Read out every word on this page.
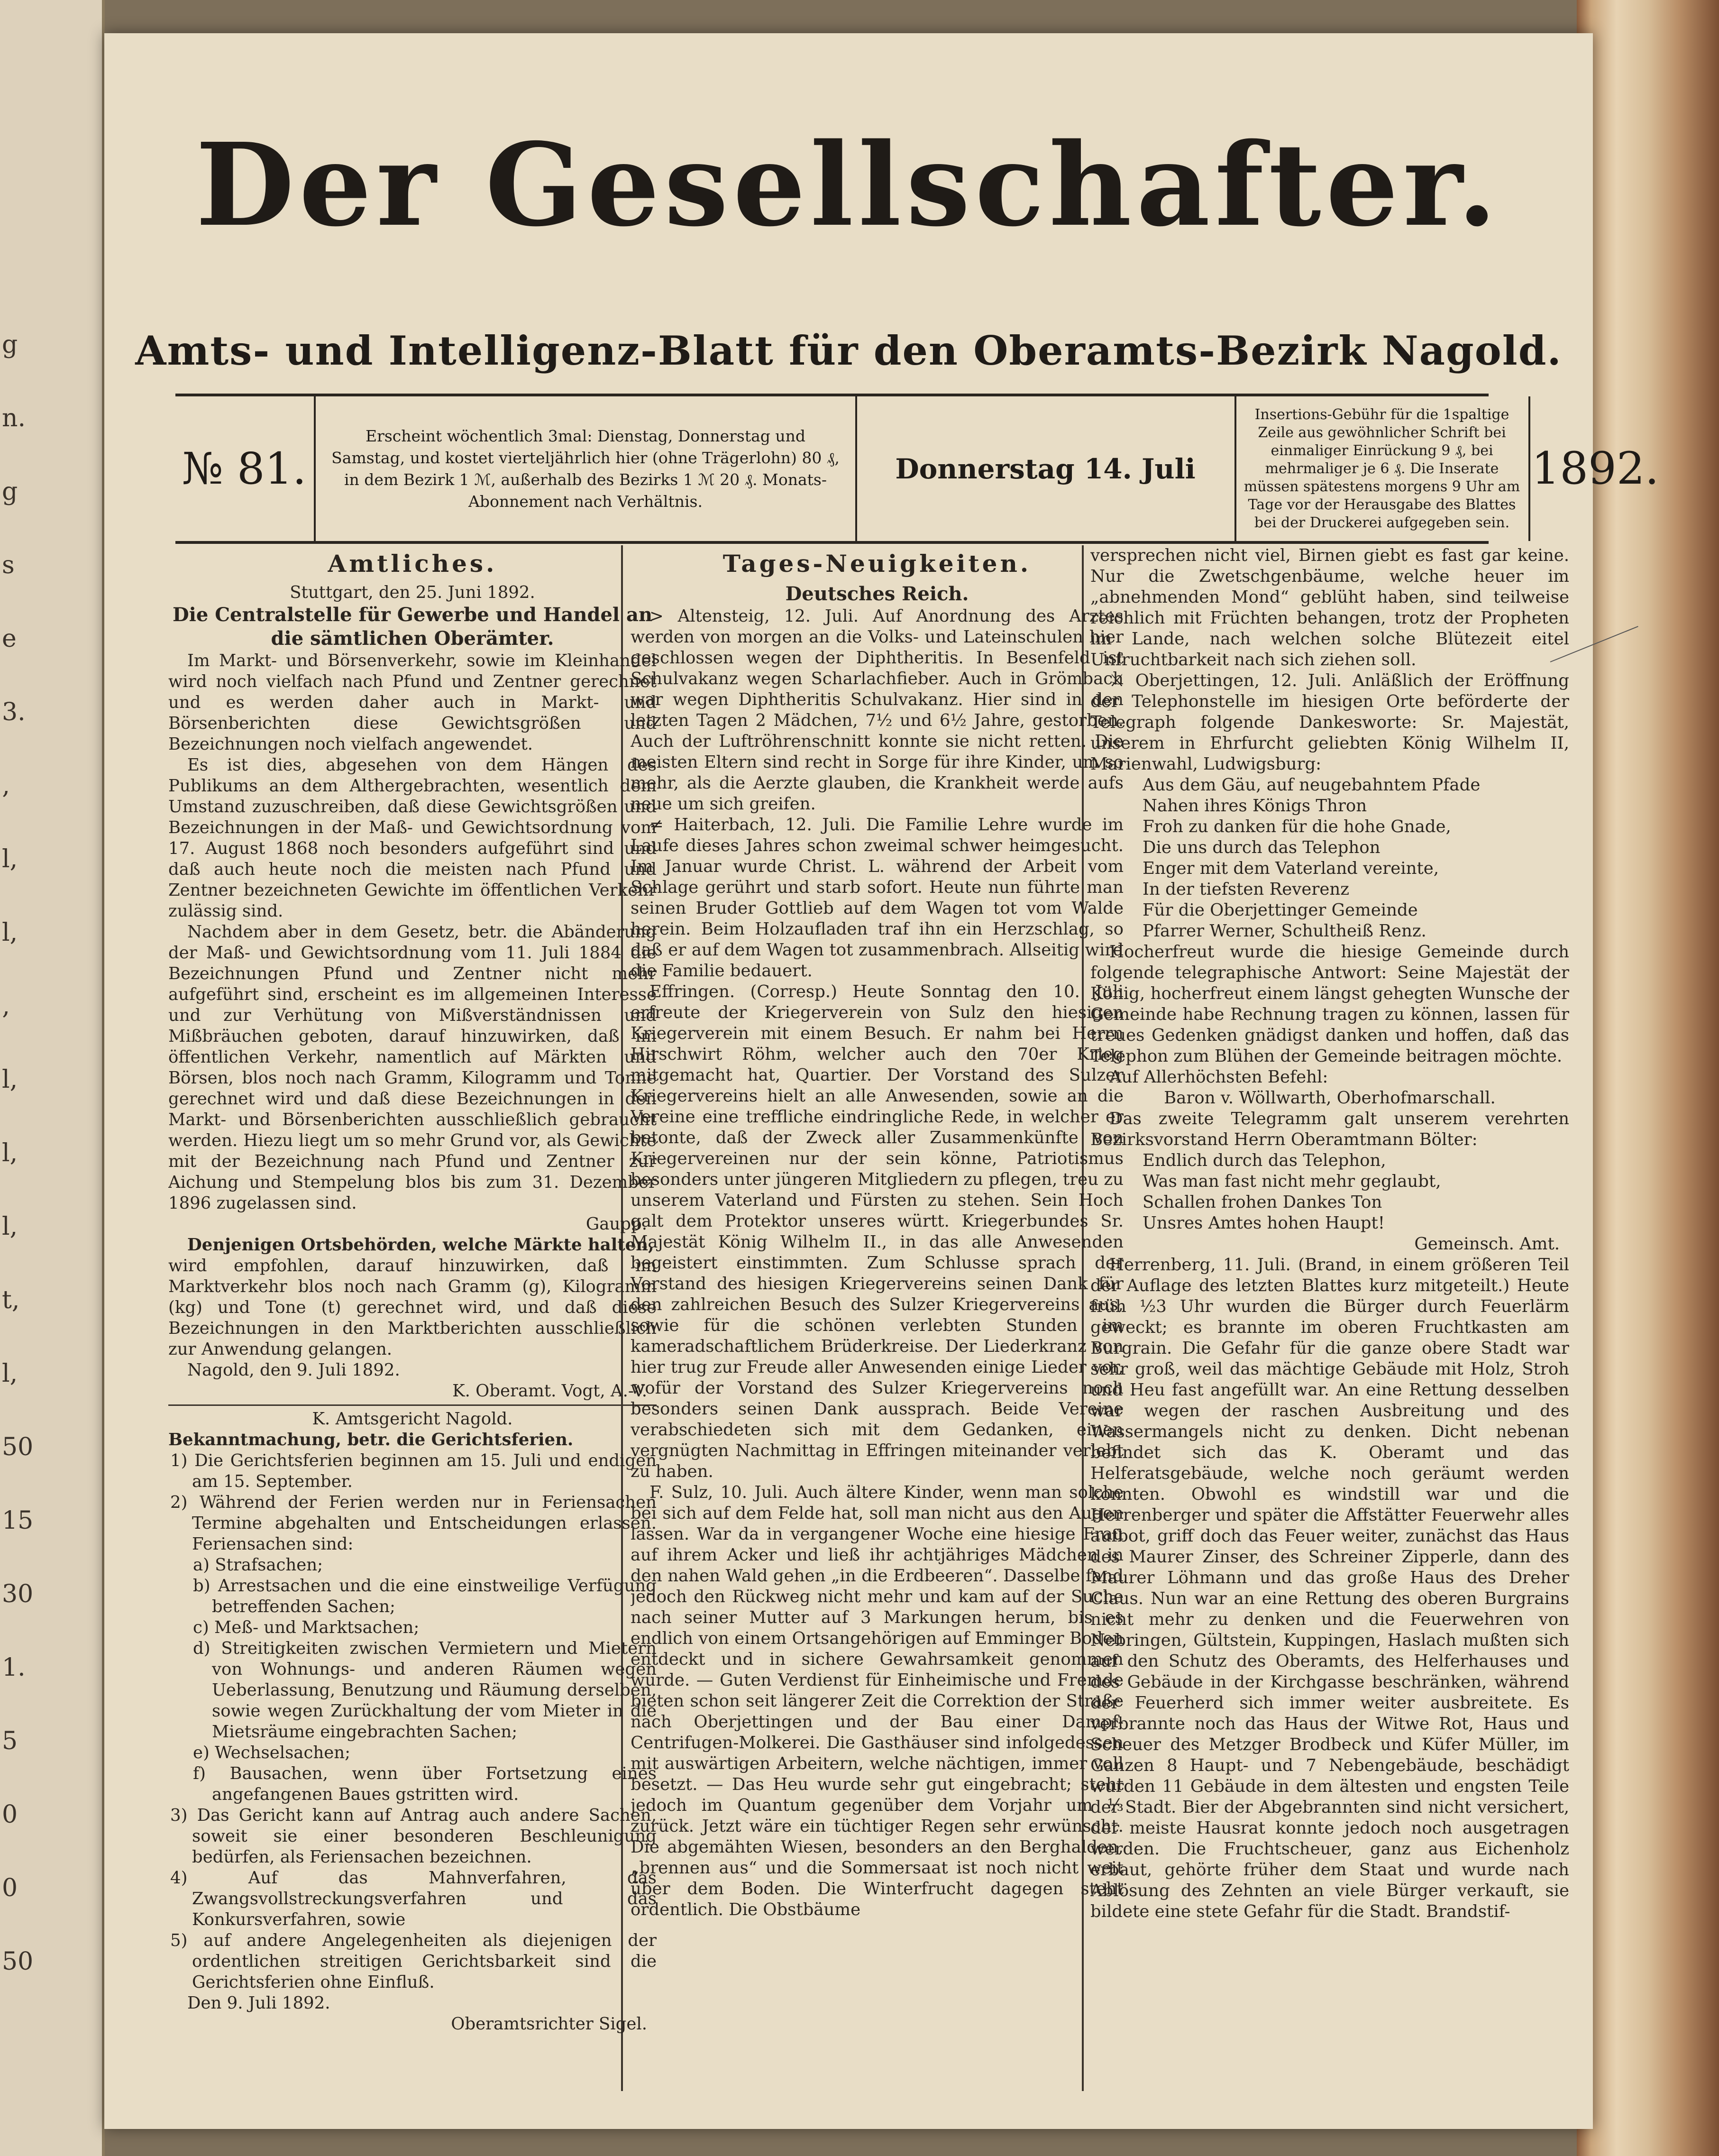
g
n.
g
s
e
3.
‚
l,
l,
‚
l,
l,
l,
t,
l,
50
15
30
1.
5
0
0
50
Der Gesellschafter.
Amts- und Intelligenz-Blatt für den Oberamts-Bezirk Nagold.
№ 81.
Erscheint wöchentlich 3mal: Dienstag, Donnerstag und Samstag, und kostet vierteljährlich hier (ohne Trägerlohn) 80 ₰, in dem Bezirk 1 ℳ, außerhalb des Bezirks 1 ℳ 20 ₰. Monats-Abonnement nach Verhältnis.
Donnerstag 14. Juli
Insertions-Gebühr für die 1spaltige Zeile aus gewöhnlicher Schrift bei einmaliger Einrückung 9 ₰, bei mehrmaliger je 6 ₰. Die Inserate müssen spätestens morgens 9 Uhr am Tage vor der Herausgabe des Blattes bei der Druckerei aufgegeben sein.
1892.

Amtliches.

Stuttgart, den 25. Juni 1892.

Die Centralstelle für Gewerbe und Handel an die sämtlichen Oberämter.

Im Markt- und Börsenverkehr, sowie im Kleinhandel wird noch vielfach nach Pfund und Zentner gerechnet und es werden daher auch in Markt- und Börsenberichten diese Gewichtsgrößen und Bezeichnungen noch vielfach angewendet.

Es ist dies, abgesehen von dem Hängen des Publikums an dem Althergebrachten, wesentlich dem Umstand zuzuschreiben, daß diese Gewichtsgrößen und Bezeichnungen in der Maß- und Gewichtsordnung vom 17. August 1868 noch besonders aufgeführt sind und daß auch heute noch die meisten nach Pfund und Zentner bezeichneten Gewichte im öffentlichen Verkehr zulässig sind.

Nachdem aber in dem Gesetz, betr. die Abänderung der Maß- und Gewichtsordnung vom 11. Juli 1884 die Bezeichnungen Pfund und Zentner nicht mehr aufgeführt sind, erscheint es im allgemeinen Interesse und zur Verhütung von Mißverständnissen und Mißbräuchen geboten, darauf hinzuwirken, daß im öffentlichen Verkehr, namentlich auf Märkten und Börsen, blos noch nach Gramm, Kilogramm und Tonne gerechnet wird und daß diese Bezeichnungen in den Markt- und Börsenberichten ausschließlich gebraucht werden. Hiezu liegt um so mehr Grund vor, als Gewichte mit der Bezeichnung nach Pfund und Zentner zur Aichung und Stempelung blos bis zum 31. Dezember 1896 zugelassen sind.

Gaupp.

Denjenigen Ortsbehörden, welche Märkte halten,

wird empfohlen, darauf hinzuwirken, daß im Marktverkehr blos noch nach Gramm (g), Kilogramm (kg) und Tone (t) gerechnet wird, und daß diese Bezeichnungen in den Marktberichten ausschließlich zur Anwendung gelangen.

Nagold, den 9. Juli 1892.

K. Oberamt. Vogt, A.-V.

K. Amtsgericht Nagold.

Bekanntmachung, betr. die Gerichtsferien.

1) Die Gerichtsferien beginnen am 15. Juli und endigen am 15. September.
2) Während der Ferien werden nur in Feriensachen Termine abgehalten und Entscheidungen erlassen. Feriensachen sind:
a) Strafsachen;
b) Arrestsachen und die eine einstweilige Verfügung betreffenden Sachen;
c) Meß- und Marktsachen;
d) Streitigkeiten zwischen Vermietern und Mietern von Wohnungs- und anderen Räumen wegen Ueberlassung, Benutzung und Räumung derselben, sowie wegen Zurückhaltung der vom Mieter in die Mietsräume eingebrachten Sachen;
e) Wechselsachen;
f) Bausachen, wenn über Fortsetzung eines angefangenen Baues gstritten wird.
3) Das Gericht kann auf Antrag auch andere Sachen, soweit sie einer besonderen Beschleunigung bedürfen, als Feriensachen bezeichnen.
4) Auf das Mahnverfahren, das Zwangsvollstreckungsverfahren und das Konkursverfahren, sowie
5) auf andere Angelegenheiten als diejenigen der ordentlichen streitigen Gerichtsbarkeit sind die Gerichtsferien ohne Einfluß.

Den 9. Juli 1892.

Oberamtsrichter Sigel.

Tages-Neuigkeiten.

Deutsches Reich.

> Altensteig, 12. Juli. Auf Anordnung des Arztes werden von morgen an die Volks- und Lateinschulen hier geschlossen wegen der Diphtheritis. In Besenfeld ist Schulvakanz wegen Scharlachfieber. Auch in Grömbach war wegen Diphtheritis Schulvakanz. Hier sind in den letzten Tagen 2 Mädchen, 7½ und 6½ Jahre, gestorben. Auch der Luftröhrenschnitt konnte sie nicht retten. Die meisten Eltern sind recht in Sorge für ihre Kinder, um so mehr, als die Aerzte glauben, die Krankheit werde aufs neue um sich greifen.

≠ Haiterbach, 12. Juli. Die Familie Lehre wurde im Laufe dieses Jahres schon zweimal schwer heimgesucht. Im Januar wurde Christ. L. während der Arbeit vom Schlage gerührt und starb sofort. Heute nun führte man seinen Bruder Gottlieb auf dem Wagen tot vom Walde herein. Beim Holzaufladen traf ihn ein Herzschlag, so daß er auf dem Wagen tot zusammenbrach. Allseitig wird die Familie bedauert.

Effringen. (Corresp.) Heute Sonntag den 10. Juli erfreute der Kriegerverein von Sulz den hiesigen Kriegerverein mit einem Besuch. Er nahm bei Herrn Hirschwirt Röhm, welcher auch den 70er Krieg mitgemacht hat, Quartier. Der Vorstand des Sulzer Kriegervereins hielt an alle Anwesenden, sowie an die Vereine eine treffliche eindringliche Rede, in welcher er betonte, daß der Zweck aller Zusammenkünfte von Kriegervereinen nur der sein könne, Patriotismus besonders unter jüngeren Mitgliedern zu pflegen, treu zu unserem Vaterland und Fürsten zu stehen. Sein Hoch galt dem Protektor unseres württ. Kriegerbundes Sr. Majestät König Wilhelm II., in das alle Anwesenden begeistert einstimmten. Zum Schlusse sprach der Vorstand des hiesigen Kriegervereins seinen Dank für den zahlreichen Besuch des Sulzer Kriegervereins aus, sowie für die schönen verlebten Stunden im kameradschaftlichem Brüderkreise. Der Liederkranz von hier trug zur Freude aller Anwesenden einige Lieder vor, wofür der Vorstand des Sulzer Kriegervereins noch besonders seinen Dank aussprach. Beide Vereine verabschiedeten sich mit dem Gedanken, einen vergnügten Nachmittag in Effringen miteinander verlebt zu haben.

F. Sulz, 10. Juli. Auch ältere Kinder, wenn man solche bei sich auf dem Felde hat, soll man nicht aus den Augen lassen. War da in vergangener Woche eine hiesige Frau auf ihrem Acker und ließ ihr achtjähriges Mädchen in den nahen Wald gehen „in die Erdbeeren“. Dasselbe fand jedoch den Rückweg nicht mehr und kam auf der Suche nach seiner Mutter auf 3 Markungen herum, bis es endlich von einem Ortsangehörigen auf Emminger Boden entdeckt und in sichere Gewahrsamkeit genommen wurde. — Guten Verdienst für Einheimische und Fremde bieten schon seit längerer Zeit die Correktion der Straße nach Oberjettingen und der Bau einer Dampf-Centrifugen-Molkerei. Die Gasthäuser sind infolgedessen mit auswärtigen Arbeitern, welche nächtigen, immer voll besetzt. — Das Heu wurde sehr gut eingebracht; steht jedoch im Quantum gegenüber dem Vorjahr um ⅓ zurück. Jetzt wäre ein tüchtiger Regen sehr erwünscht. Die abgemähten Wiesen, besonders an den Berghalden, „brennen aus“ und die Sommersaat ist noch nicht weit über dem Boden. Die Winterfrucht dagegen steht ordentlich. Die Obstbäume

versprechen nicht viel, Birnen giebt es fast gar keine. Nur die Zwetschgenbäume, welche heuer im „abnehmenden Mond“ geblüht haben, sind teilweise reichlich mit Früchten behangen, trotz der Propheten im Lande, nach welchen solche Blütezeit eitel Unfruchtbarkeit nach sich ziehen soll.

⚔ Oberjettingen, 12. Juli. Anläßlich der Eröffnung der Telephonstelle im hiesigen Orte beförderte der Telegraph folgende Dankesworte: Sr. Majestät, unserem in Ehrfurcht geliebten König Wilhelm II, Marienwahl, Ludwigsburg:

Aus dem Gäu, auf neugebahntem Pfade

Nahen ihres Königs Thron

Froh zu danken für die hohe Gnade,

Die uns durch das Telephon

Enger mit dem Vaterland vereinte,

In der tiefsten Reverenz

Für die Oberjettinger Gemeinde

Pfarrer Werner, Schultheiß Renz.

Hocherfreut wurde die hiesige Gemeinde durch folgende telegraphische Antwort: Seine Majestät der König, hocherfreut einem längst gehegten Wunsche der Gemeinde habe Rechnung tragen zu können, lassen für treues Gedenken gnädigst danken und hoffen, daß das Telephon zum Blühen der Gemeinde beitragen möchte.

Auf Allerhöchsten Befehl:

Baron v. Wöllwarth, Oberhofmarschall.

Das zweite Telegramm galt unserem verehrten Bezirksvorstand Herrn Oberamtmann Bölter:

Endlich durch das Telephon,

Was man fast nicht mehr geglaubt,

Schallen frohen Dankes Ton

Unsres Amtes hohen Haupt!

Gemeinsch. Amt.

Herrenberg, 11. Juli. (Brand, in einem größeren Teil der Auflage des letzten Blattes kurz mitgeteilt.) Heute früh ½3 Uhr wurden die Bürger durch Feuerlärm geweckt; es brannte im oberen Fruchtkasten am Burgrain. Die Gefahr für die ganze obere Stadt war sehr groß, weil das mächtige Gebäude mit Holz, Stroh und Heu fast angefüllt war. An eine Rettung desselben war wegen der raschen Ausbreitung und des Wassermangels nicht zu denken. Dicht nebenan befindet sich das K. Oberamt und das Helferatsgebäude, welche noch geräumt werden konnten. Obwohl es windstill war und die Herrenberger und später die Affstätter Feuerwehr alles aufbot, griff doch das Feuer weiter, zunächst das Haus des Maurer Zinser, des Schreiner Zipperle, dann des Maurer Löhmann und das große Haus des Dreher Claus. Nun war an eine Rettung des oberen Burgrains nicht mehr zu denken und die Feuerwehren von Nebringen, Gültstein, Kuppingen, Haslach mußten sich auf den Schutz des Oberamts, des Helferhauses und des Gebäude in der Kirchgasse beschränken, während der Feuerherd sich immer weiter ausbreitete. Es verbrannte noch das Haus der Witwe Rot, Haus und Scheuer des Metzger Brodbeck und Küfer Müller, im Ganzen 8 Haupt- und 7 Nebengebäude, beschädigt wurden 11 Gebäude in dem ältesten und engsten Teile der Stadt. Bier der Abgebrannten sind nicht versichert, der meiste Hausrat konnte jedoch noch ausgetragen werden. Die Fruchtscheuer, ganz aus Eichenholz erbaut, gehörte früher dem Staat und wurde nach Ablösung des Zehnten an viele Bürger verkauft, sie bildete eine stete Gefahr für die Stadt. Brandstif-
